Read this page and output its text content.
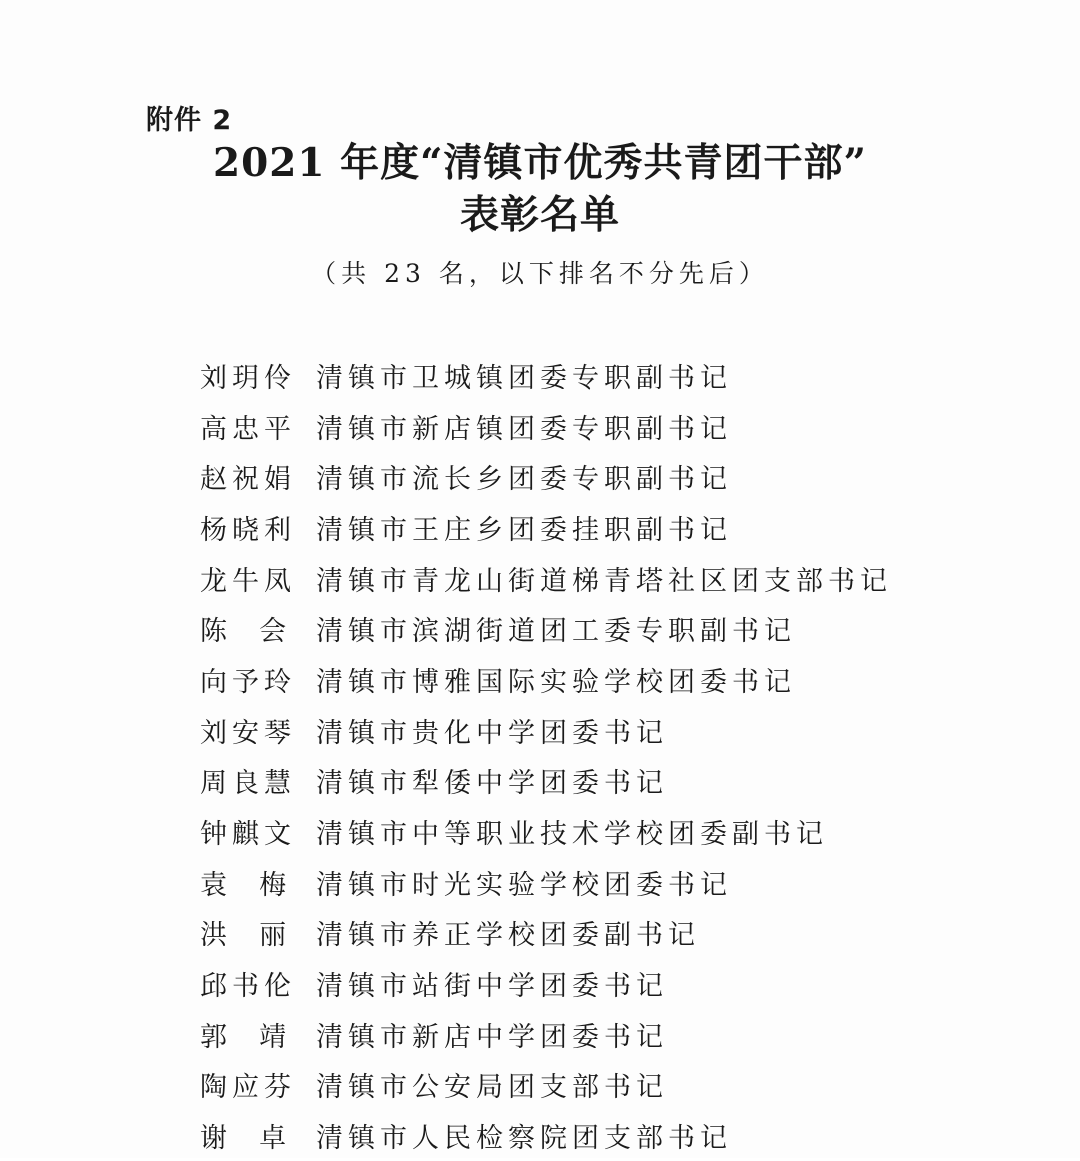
附件 2
2021 年度“清镇市优秀共青团干部”
表彰名单
（共 23 名，以下排名不分先后）
刘玥伶 清镇市卫城镇团委专职副书记
高忠平 清镇市新店镇团委专职副书记
赵祝娟 清镇市流长乡团委专职副书记
杨晓利 清镇市王庄乡团委挂职副书记
龙牛凤 清镇市青龙山街道梯青塔社区团支部书记
陈  会 清镇市滨湖街道团工委专职副书记
向予玲 清镇市博雅国际实验学校团委书记
刘安琴 清镇市贵化中学团委书记
周良慧 清镇市犁倭中学团委书记
钟麒文 清镇市中等职业技术学校团委副书记
袁  梅 清镇市时光实验学校团委书记
洪  丽 清镇市养正学校团委副书记
邱书伦 清镇市站街中学团委书记
郭  靖 清镇市新店中学团委书记
陶应芬 清镇市公安局团支部书记
谢  卓 清镇市人民检察院团支部书记
